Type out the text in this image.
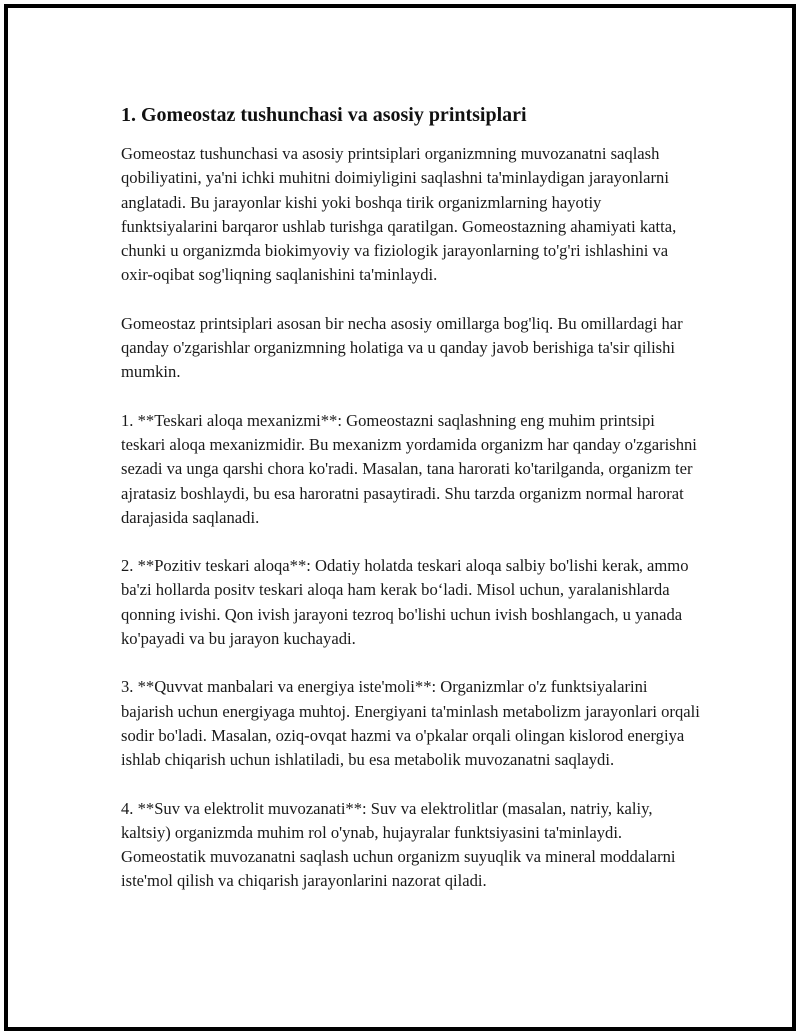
1. Gomeostaz tushunchasi va asosiy printsiplari

Gomeostaz tushunchasi va asosiy printsiplari organizmning muvozanatni saqlash qobiliyatini, ya'ni ichki muhitni doimiyligini saqlashni ta'minlaydigan jarayonlarni anglatadi. Bu jarayonlar kishi yoki boshqa tirik organizmlarning hayotiy funktsiyalarini barqaror ushlab turishga qaratilgan. Gomeostazning ahamiyati katta, chunki u organizmda biokimyoviy va fiziologik jarayonlarning to'g'ri ishlashini va oxir-oqibat sog'liqning saqlanishini ta'minlaydi.

Gomeostaz printsiplari asosan bir necha asosiy omillarga bog'liq. Bu omillardagi har qanday o'zgarishlar organizmning holatiga va u qanday javob berishiga ta'sir qilishi mumkin.

1. **Teskari aloqa mexanizmi**: Gomeostazni saqlashning eng muhim printsipi teskari aloqa mexanizmidir. Bu mexanizm yordamida organizm har qanday o'zgarishni sezadi va unga qarshi chora ko'radi. Masalan, tana harorati ko'tarilganda, organizm ter ajratasiz boshlaydi, bu esa haroratni pasaytiradi. Shu tarzda organizm normal harorat darajasida saqlanadi.

2. **Pozitiv teskari aloqa**: Odatiy holatda teskari aloqa salbiy bo'lishi kerak, ammo ba'zi hollarda positv teskari aloqa ham kerak bo‘ladi. Misol uchun, yaralanishlarda qonning ivishi. Qon ivish jarayoni tezroq bo'lishi uchun ivish boshlangach, u yanada ko'payadi va bu jarayon kuchayadi.

3. **Quvvat manbalari va energiya iste'moli**: Organizmlar o'z funktsiyalarini bajarish uchun energiyaga muhtoj. Energiyani ta'minlash metabolizm jarayonlari orqali sodir bo'ladi. Masalan, oziq-ovqat hazmi va o'pkalar orqali olingan kislorod energiya ishlab chiqarish uchun ishlatiladi, bu esa metabolik muvozanatni saqlaydi.

4. **Suv va elektrolit muvozanati**: Suv va elektrolitlar (masalan, natriy, kaliy, kaltsiy) organizmda muhim rol o'ynab, hujayralar funktsiyasini ta'minlaydi. Gomeostatik muvozanatni saqlash uchun organizm suyuqlik va mineral moddalarni iste'mol qilish va chiqarish jarayonlarini nazorat qiladi.
